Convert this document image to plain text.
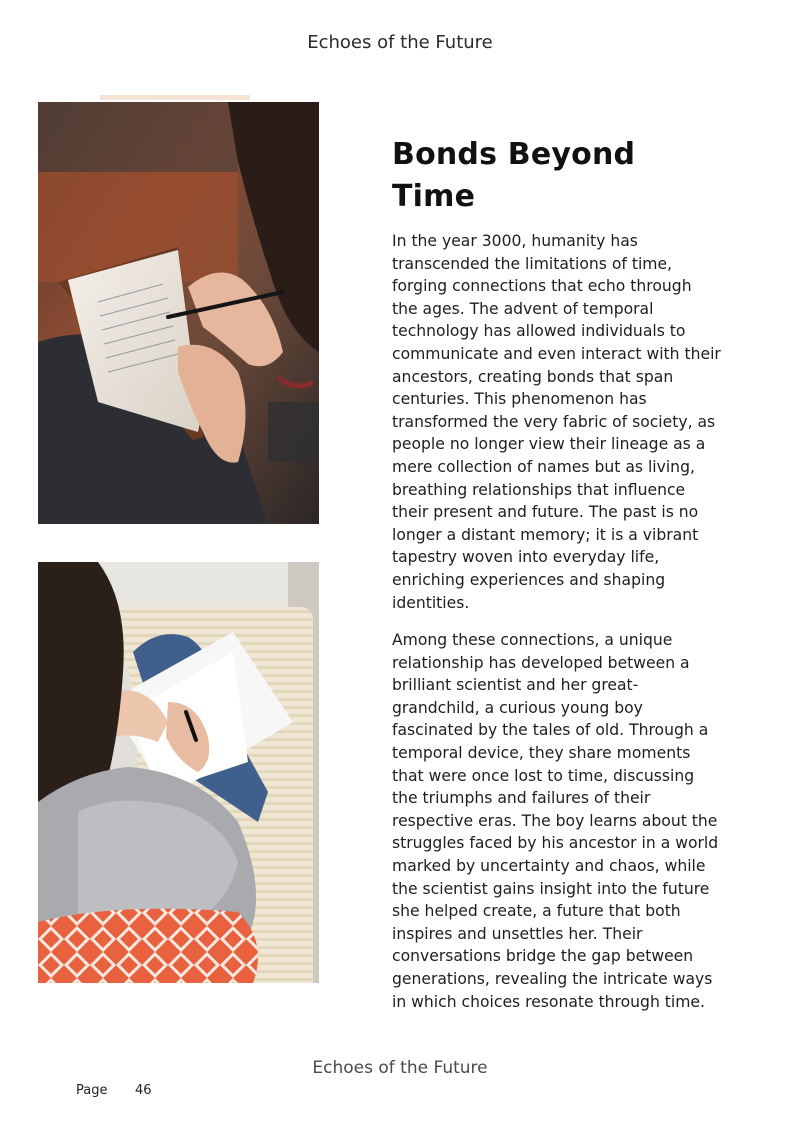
Echoes of the Future
Bonds Beyond Time

In the year 3000, humanity has transcended the limitations of time, forging connections that echo through the ages. The advent of temporal technology has allowed individuals to communicate and even interact with their ancestors, creating bonds that span centuries. This phenomenon has transformed the very fabric of society, as people no longer view their lineage as a mere collection of names but as living, breathing relationships that influence their present and future. The past is no longer a distant memory; it is a vibrant tapestry woven into everyday life, enriching experiences and shaping identities.

Among these connections, a unique relationship has developed between a brilliant scientist and her great-grandchild, a curious young boy fascinated by the tales of old. Through a temporal device, they share moments that were once lost to time, discussing the triumphs and failures of their respective eras. The boy learns about the struggles faced by his ancestor in a world marked by uncertainty and chaos, while the scientist gains insight into the future she helped create, a future that both inspires and unsettles her. Their conversations bridge the gap between generations, revealing the intricate ways in which choices resonate through time.

Echoes of the Future
Page 46
